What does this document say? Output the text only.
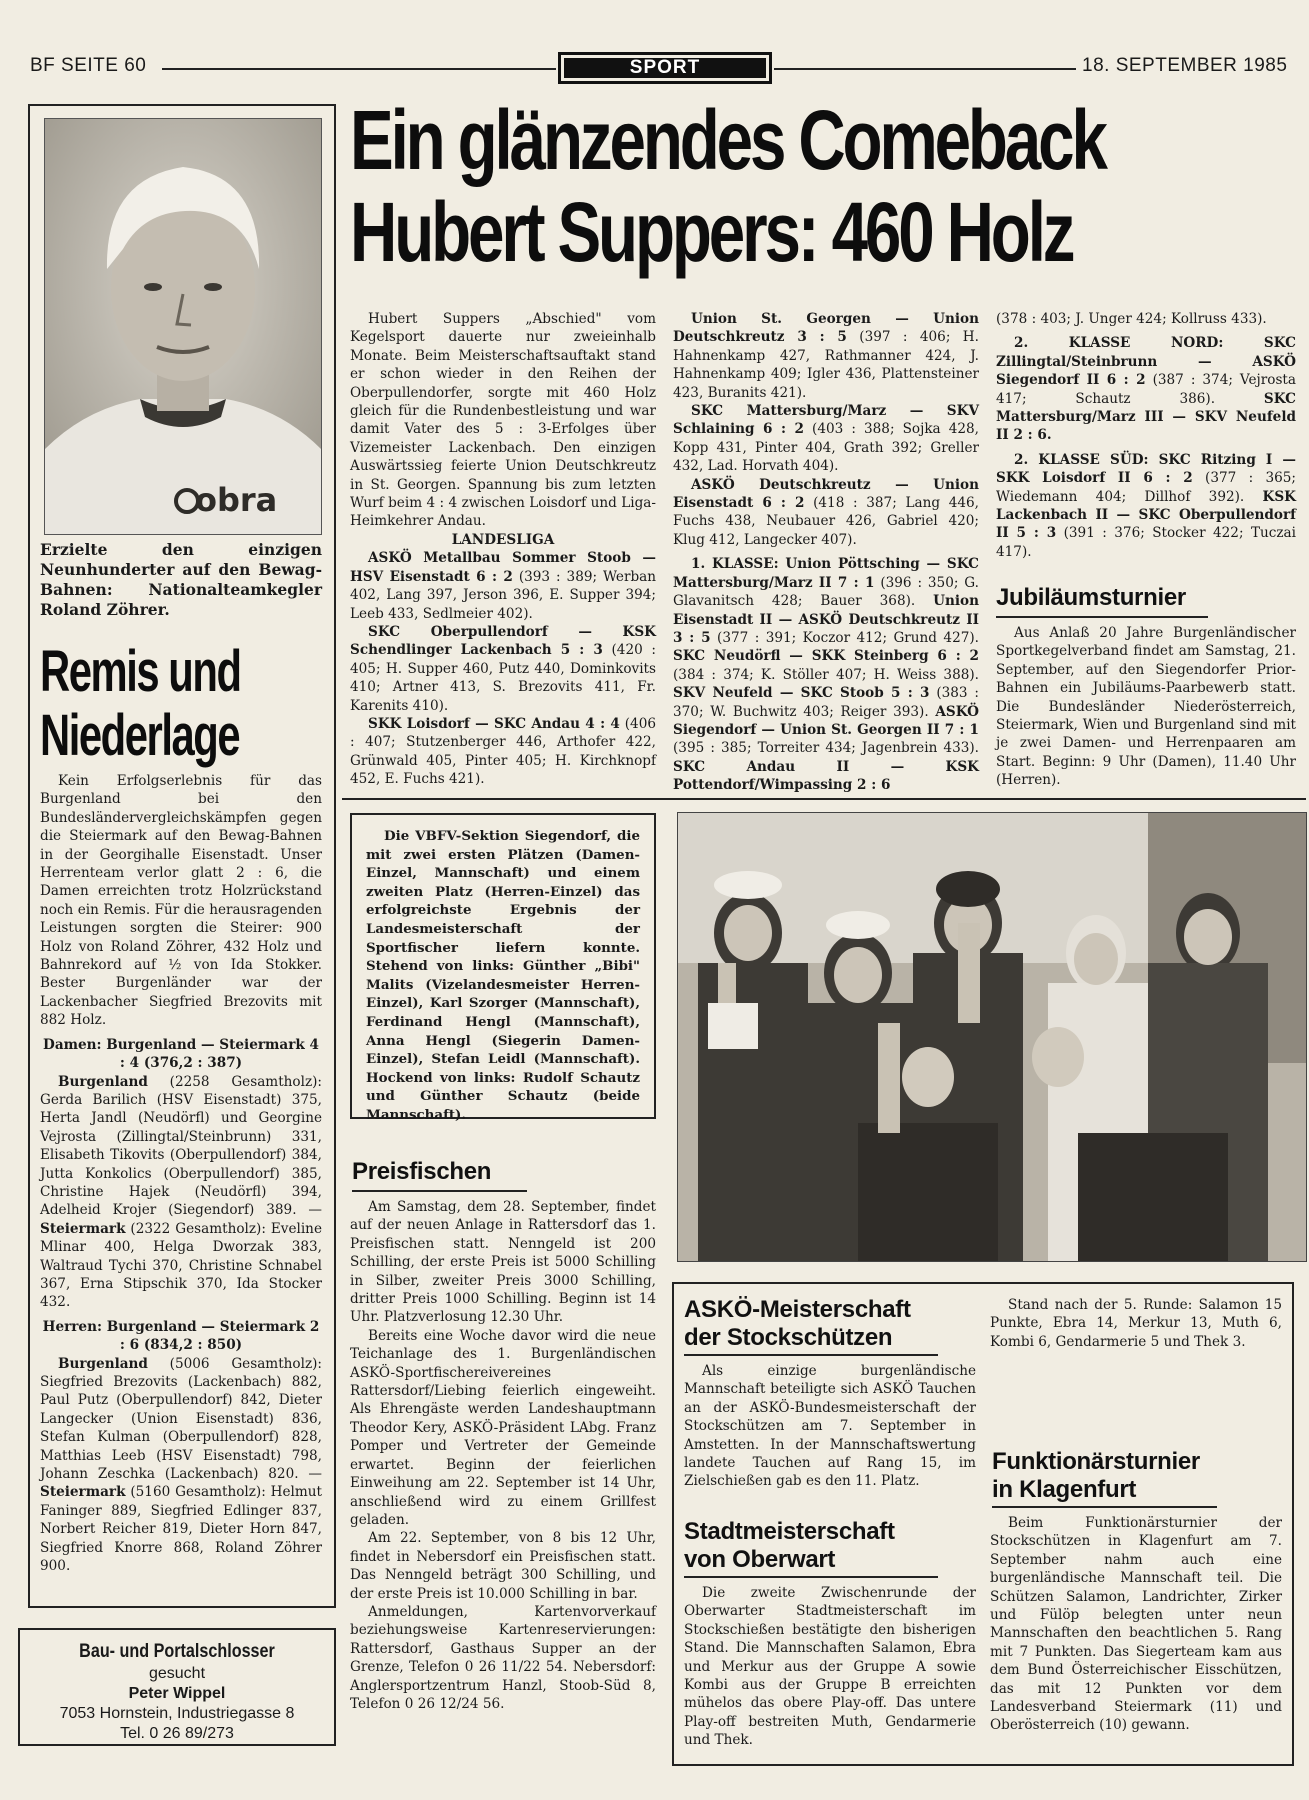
BF SEITE 60	SPORT	18. SEPTEMBER 1985
Ein glänzendes Comeback
Hubert Suppers: 460 Holz
obra
Erzielte den einzigen Neunhunderter auf den Bewag-Bahnen: Nationalteamkegler Roland Zöhrer.
Remis und
Niederlage

Kein Erfolgserlebnis für das Burgenland bei den Bundesländervergleichskämpfen gegen die Steiermark auf den Bewag-Bahnen in der Georgihalle Eisenstadt. Unser Herrenteam verlor glatt 2 : 6, die Damen erreichten trotz Holzrückstand noch ein Remis. Für die herausragenden Leistungen sorgten die Steirer: 900 Holz von Roland Zöhrer, 432 Holz und Bahnrekord auf ½ von Ida Stokker. Bester Burgenländer war der Lackenbacher Siegfried Brezovits mit 882 Holz.

Damen: Burgenland — Steiermark 4 : 4 (376,2 : 387)

Burgenland (2258 Gesamtholz): Gerda Barilich (HSV Eisenstadt) 375, Herta Jandl (Neudörfl) und Georgine Vejrosta (Zillingtal/Steinbrunn) 331, Elisabeth Tikovits (Oberpullendorf) 384, Jutta Konkolics (Oberpullendorf) 385, Christine Hajek (Neudörfl) 394, Adelheid Krojer (Siegendorf) 389. — Steiermark (2322 Gesamtholz): Eveline Mlinar 400, Helga Dworzak 383, Waltraud Tychi 370, Christine Schnabel 367, Erna Stipschik 370, Ida Stocker 432.

Herren: Burgenland — Steiermark 2 : 6 (834,2 : 850)

Burgenland (5006 Gesamtholz): Siegfried Brezovits (Lackenbach) 882, Paul Putz (Oberpullendorf) 842, Dieter Langecker (Union Eisenstadt) 836, Stefan Kulman (Oberpullendorf) 828, Matthias Leeb (HSV Eisenstadt) 798, Johann Zeschka (Lackenbach) 820. — Steiermark (5160 Gesamtholz): Helmut Faninger 889, Siegfried Edlinger 837, Norbert Reicher 819, Dieter Horn 847, Siegfried Knorre 868, Roland Zöhrer 900.

Bau- und Portalschlosser
gesucht
Peter Wippel
7053 Hornstein, Industriegasse 8
Tel. 0 26 89/273

Hubert Suppers „Abschied" vom Kegelsport dauerte nur zweieinhalb Monate. Beim Meisterschaftsauftakt stand er schon wieder in den Reihen der Oberpullendorfer, sorgte mit 460 Holz gleich für die Rundenbestleistung und war damit Vater des 5 : 3-Erfolges über Vizemeister Lackenbach. Den einzigen Auswärtssieg feierte Union Deutschkreutz in St. Georgen. Spannung bis zum letzten Wurf beim 4 : 4 zwischen Loisdorf und Liga-Heimkehrer Andau.

LANDESLIGA

ASKÖ Metallbau Sommer Stoob — HSV Eisenstadt 6 : 2 (393 : 389; Werban 402, Lang 397, Jerson 396, E. Supper 394; Leeb 433, Sedlmeier 402).

SKC Oberpullendorf — KSK Schendlinger Lackenbach 5 : 3 (420 : 405; H. Supper 460, Putz 440, Dominkovits 410; Artner 413, S. Brezovits 411, Fr. Karenits 410).

SKK Loisdorf — SKC Andau 4 : 4 (406 : 407; Stutzenberger 446, Arthofer 422, Grünwald 405, Pinter 405; H. Kirchknopf 452, E. Fuchs 421).

Union St. Georgen — Union Deutschkreutz 3 : 5 (397 : 406; H. Hahnenkamp 427, Rathmanner 424, J. Hahnenkamp 409; Igler 436, Plattensteiner 423, Buranits 421).

SKC Mattersburg/Marz — SKV Schlaining 6 : 2 (403 : 388; Sojka 428, Kopp 431, Pinter 404, Grath 392; Greller 432, Lad. Horvath 404).

ASKÖ Deutschkreutz — Union Eisenstadt 6 : 2 (418 : 387; Lang 446, Fuchs 438, Neubauer 426, Gabriel 420; Klug 412, Langecker 407).

1. KLASSE: Union Pöttsching — SKC Mattersburg/Marz II 7 : 1 (396 : 350; G. Glavanitsch 428; Bauer 368). Union Eisenstadt II — ASKÖ Deutschkreutz II 3 : 5 (377 : 391; Koczor 412; Grund 427). SKC Neudörfl — SKK Steinberg 6 : 2 (384 : 374; K. Stöller 407; H. Weiss 388). SKV Neufeld — SKC Stoob 5 : 3 (383 : 370; W. Buchwitz 403; Reiger 393). ASKÖ Siegendorf — Union St. Georgen II 7 : 1 (395 : 385; Torreiter 434; Jagenbrein 433). SKC Andau II — KSK Pottendorf/Wimpassing 2 : 6

(378 : 403; J. Unger 424; Kollruss 433).

2. KLASSE NORD: SKC Zillingtal/Steinbrunn — ASKÖ Siegendorf II 6 : 2 (387 : 374; Vejrosta 417; Schautz 386). SKC Mattersburg/Marz III — SKV Neufeld II 2 : 6.

2. KLASSE SÜD: SKC Ritzing I — SKK Loisdorf II 6 : 2 (377 : 365; Wiedemann 404; Dillhof 392). KSK Lackenbach II — SKC Oberpullendorf II 5 : 3 (391 : 376; Stocker 422; Tuczai 417).

Jubiläumsturnier

Aus Anlaß 20 Jahre Burgenländischer Sportkegelverband findet am Samstag, 21. September, auf den Siegendorfer Prior-Bahnen ein Jubiläums-Paarbewerb statt. Die Bundesländer Niederösterreich, Steiermark, Wien und Burgenland sind mit je zwei Damen- und Herrenpaaren am Start. Beginn: 9 Uhr (Damen), 11.40 Uhr (Herren).

Die VBFV-Sektion Siegendorf, die mit zwei ersten Plätzen (Damen-Einzel, Mannschaft) und einem zweiten Platz (Herren-Einzel) das erfolgreichste Ergebnis der Landesmeisterschaft der Sportfischer liefern konnte. Stehend von links: Günther „Bibi" Malits (Vizelandesmeister Herren-Einzel), Karl Szorger (Mannschaft), Ferdinand Hengl (Mannschaft), Anna Hengl (Siegerin Damen-Einzel), Stefan Leidl (Mannschaft). Hockend von links: Rudolf Schautz und Günther Schautz (beide Mannschaft).

Preisfischen

Am Samstag, dem 28. September, findet auf der neuen Anlage in Rattersdorf das 1. Preisfischen statt. Nenngeld ist 200 Schilling, der erste Preis ist 5000 Schilling in Silber, zweiter Preis 3000 Schilling, dritter Preis 1000 Schilling. Beginn ist 14 Uhr. Platzverlosung 12.30 Uhr.

Bereits eine Woche davor wird die neue Teichanlage des 1. Burgenländischen ASKÖ-Sportfischereivereines Rattersdorf/Liebing feierlich eingeweiht. Als Ehrengäste werden Landeshauptmann Theodor Kery, ASKÖ-Präsident LAbg. Franz Pomper und Vertreter der Gemeinde erwartet. Beginn der feierlichen Einweihung am 22. September ist 14 Uhr, anschließend wird zu einem Grillfest geladen.

Am 22. September, von 8 bis 12 Uhr, findet in Nebersdorf ein Preisfischen statt. Das Nenngeld beträgt 300 Schilling, und der erste Preis ist 10.000 Schilling in bar.

Anmeldungen, Kartenvorverkauf beziehungsweise Kartenreservierungen: Rattersdorf, Gasthaus Supper an der Grenze, Telefon 0 26 11/22 54. Nebersdorf: Anglersportzentrum Hanzl, Stoob-Süd 8, Telefon 0 26 12/24 56.

ASKÖ-Meisterschaft
der Stockschützen

Als einzige burgenländische Mannschaft beteiligte sich ASKÖ Tauchen an der ASKÖ-Bundesmeisterschaft der Stockschützen am 7. September in Amstetten. In der Mannschaftswertung landete Tauchen auf Rang 15, im Zielschießen gab es den 11. Platz.

Stadtmeisterschaft
von Oberwart

Die zweite Zwischenrunde der Oberwarter Stadtmeisterschaft im Stockschießen bestätigte den bisherigen Stand. Die Mannschaften Salamon, Ebra und Merkur aus der Gruppe A sowie Kombi aus der Gruppe B erreichten mühelos das obere Play-off. Das untere Play-off bestreiten Muth, Gendarmerie und Thek.

Stand nach der 5. Runde: Salamon 15 Punkte, Ebra 14, Merkur 13, Muth 6, Kombi 6, Gendarmerie 5 und Thek 3.

Funktionärsturnier
in Klagenfurt

Beim Funktionärsturnier der Stockschützen in Klagenfurt am 7. September nahm auch eine burgenländische Mannschaft teil. Die Schützen Salamon, Landrichter, Zirker und Fülöp belegten unter neun Mannschaften den beachtlichen 5. Rang mit 7 Punkten. Das Siegerteam kam aus dem Bund Österreichischer Eisschützen, das mit 12 Punkten vor dem Landesverband Steiermark (11) und Oberösterreich (10) gewann.
